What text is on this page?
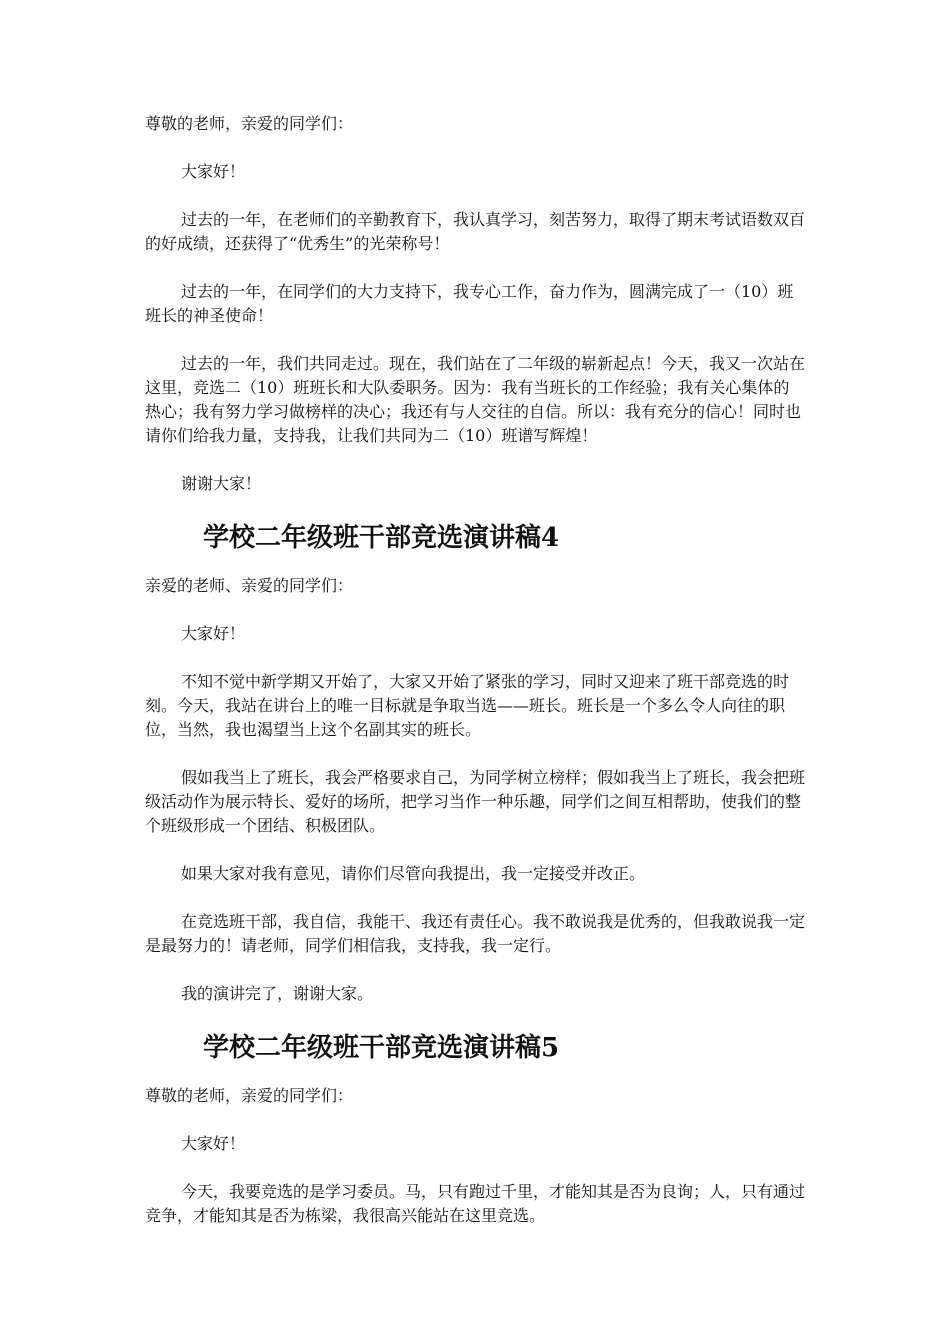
尊敬的老师，亲爱的同学们：

大家好！

过去的一年，在老师们的辛勤教育下，我认真学习，刻苦努力，取得了期末考试语数双百的好成绩，还获得了“优秀生”的光荣称号！

过去的一年，在同学们的大力支持下，我专心工作，奋力作为，圆满完成了一（10）班班长的神圣使命！

过去的一年，我们共同走过。现在，我们站在了二年级的崭新起点！今天，我又一次站在这里，竞选二（10）班班长和大队委职务。因为：我有当班长的工作经验；我有关心集体的热心；我有努力学习做榜样的决心；我还有与人交往的自信。所以：我有充分的信心！同时也请你们给我力量，支持我，让我们共同为二（10）班谱写辉煌！

谢谢大家！

学校二年级班干部竞选演讲稿4

亲爱的老师、亲爱的同学们：

大家好！

不知不觉中新学期又开始了，大家又开始了紧张的学习，同时又迎来了班干部竞选的时刻。今天，我站在讲台上的唯一目标就是争取当选——班长。班长是一个多么令人向往的职位，当然，我也渴望当上这个名副其实的班长。

假如我当上了班长，我会严格要求自己，为同学树立榜样；假如我当上了班长，我会把班级活动作为展示特长、爱好的场所，把学习当作一种乐趣，同学们之间互相帮助，使我们的整个班级形成一个团结、积极团队。

如果大家对我有意见，请你们尽管向我提出，我一定接受并改正。

在竞选班干部，我自信，我能干、我还有责任心。我不敢说我是优秀的，但我敢说我一定是最努力的！请老师，同学们相信我，支持我，我一定行。

我的演讲完了，谢谢大家。

学校二年级班干部竞选演讲稿5

尊敬的老师，亲爱的同学们：

大家好！

今天，我要竞选的是学习委员。马，只有跑过千里，才能知其是否为良询；人，只有通过竞争，才能知其是否为栋梁，我很高兴能站在这里竞选。
